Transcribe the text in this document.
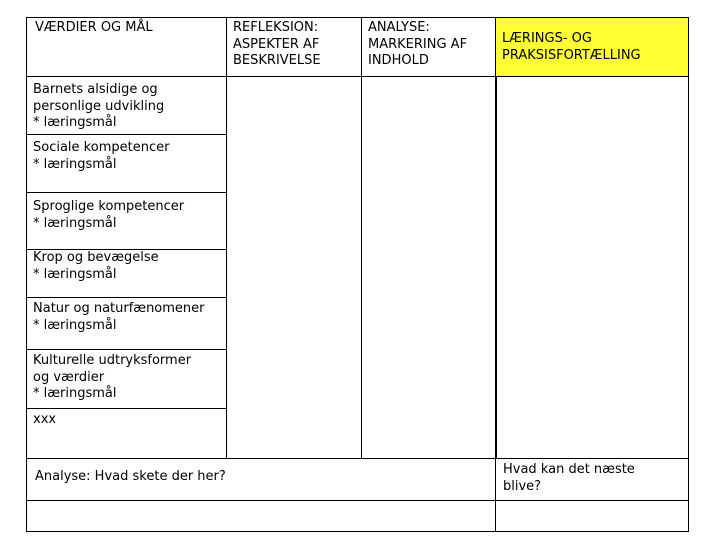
VÆRDIER OG MÅL	REFLEKSION:
ASPEKTER AF
BESKRIVELSE
ANALYSE:
MARKERING AF
INDHOLD
LÆRINGS- OG
PRAKSISFORTÆLLING
Barnets alsidige og
personlige udvikling
* læringsmål
Sociale kompetencer
* læringsmål
Sproglige kompetencer
* læringsmål
Krop og bevægelse
* læringsmål
Natur og naturfænomener
* læringsmål
Kulturelle udtryksformer
og værdier
* læringsmål
xxx
Analyse: Hvad skete der her?	Hvad kan det næste
blive?
